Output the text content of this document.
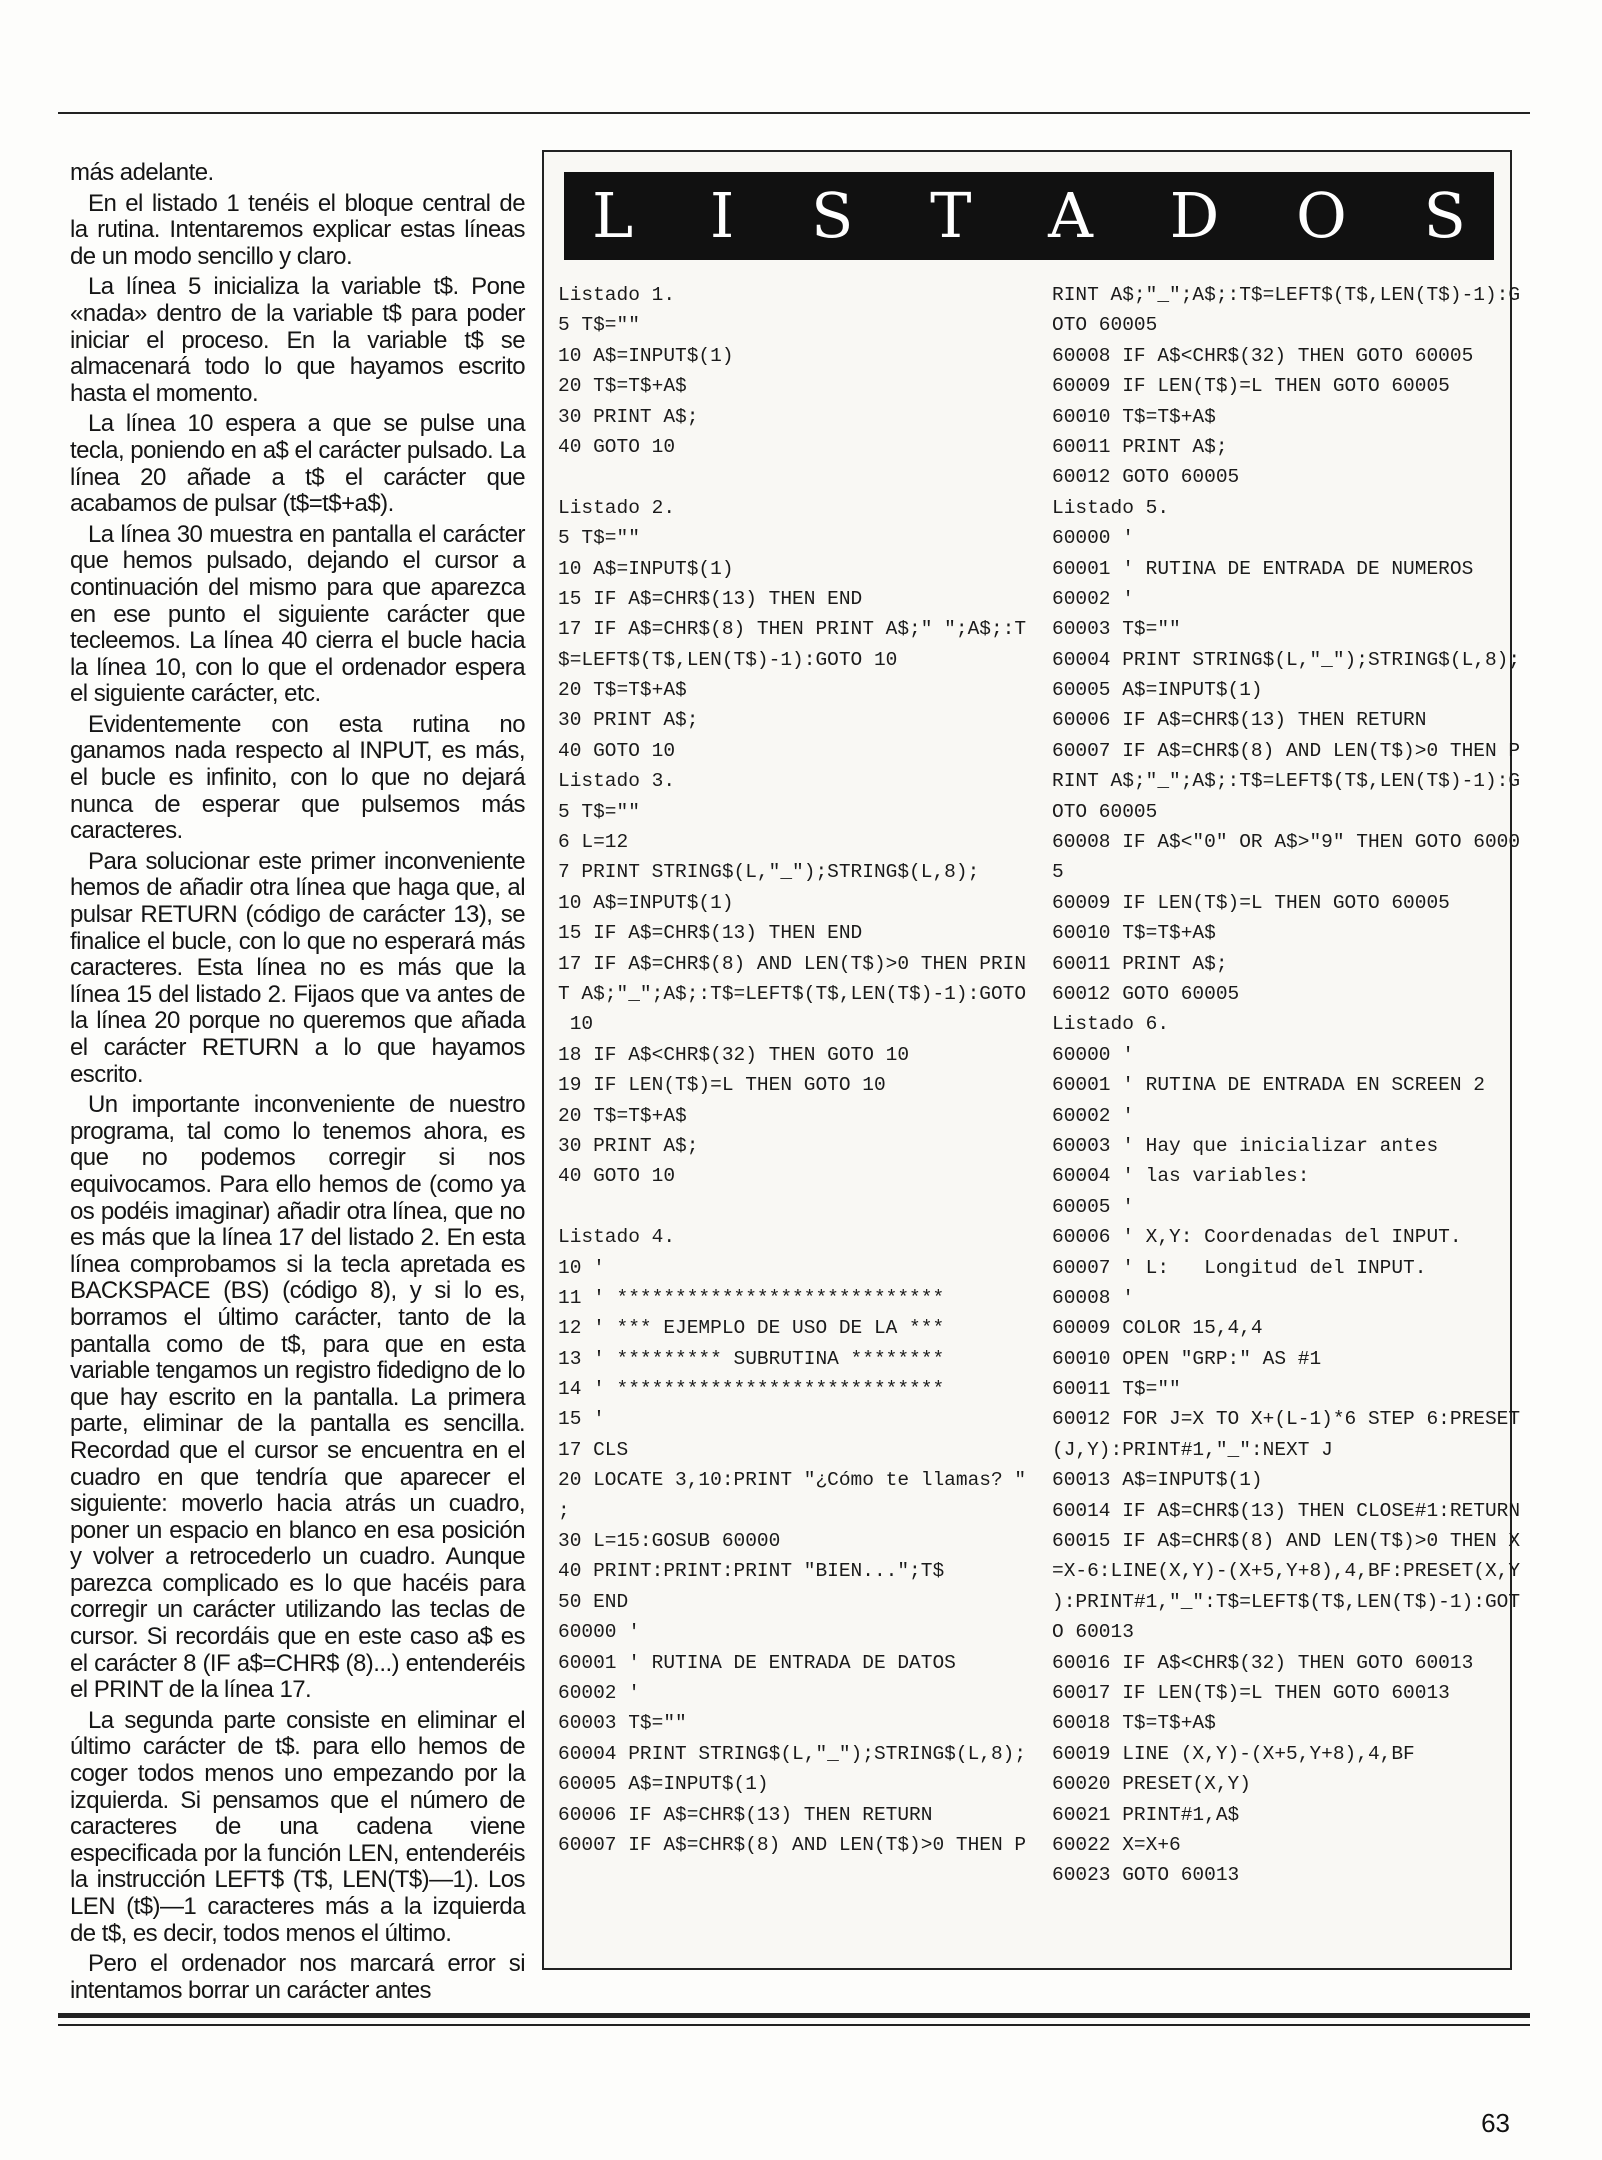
más adelante.

En el listado 1 tenéis el bloque central de la rutina. Intentaremos explicar estas líneas de un modo sencillo y claro.

La línea 5 inicializa la variable t$. Pone «nada» dentro de la variable t$ para poder iniciar el proceso. En la variable t$ se almacenará todo lo que hayamos escrito hasta el momento.

La línea 10 espera a que se pulse una tecla, poniendo en a$ el carácter pulsado. La línea 20 añade a t$ el carácter que acabamos de pulsar (t$=t$+a$).

La línea 30 muestra en pantalla el carácter que hemos pulsado, dejando el cursor a continuación del mismo para que aparezca en ese punto el siguiente carácter que tecleemos. La línea 40 cierra el bucle hacia la línea 10, con lo que el ordenador espera el siguiente carácter, etc.

Evidentemente con esta rutina no ganamos nada respecto al INPUT, es más, el bucle es infinito, con lo que no dejará nunca de esperar que pulsemos más caracteres.

Para solucionar este primer inconveniente hemos de añadir otra línea que haga que, al pulsar RETURN (código de carácter 13), se finalice el bucle, con lo que no esperará más caracteres. Esta línea no es más que la línea 15 del listado 2. Fijaos que va antes de la línea 20 porque no queremos que añada el carácter RETURN a lo que hayamos escrito.

Un importante inconveniente de nuestro programa, tal como lo tenemos ahora, es que no podemos corregir si nos equivocamos. Para ello hemos de (como ya os podéis imaginar) añadir otra línea, que no es más que la línea 17 del listado 2. En esta línea comprobamos si la tecla apretada es BACKSPACE (BS) (código 8), y si lo es, borramos el último carácter, tanto de la pantalla como de t$, para que en esta variable tengamos un registro fidedigno de lo que hay escrito en la pantalla. La primera parte, eliminar de la pantalla es sencilla. Recordad que el cursor se encuentra en el cuadro en que tendría que aparecer el siguiente: moverlo hacia atrás un cuadro, poner un espacio en blanco en esa posición y volver a retrocederlo un cuadro. Aunque parezca complicado es lo que hacéis para corregir un carácter utilizando las teclas de cursor. Si recordáis que en este caso a$ es el carácter 8 (IF a$=CHR$ (8)...) entenderéis el PRINT de la línea 17.

La segunda parte consiste en eliminar el último carácter de t$. para ello hemos de coger todos menos uno empezando por la izquierda. Si pensamos que el número de caracteres de una cadena viene especificada por la función LEN, entenderéis la instrucción LEFT$ (T$, LEN(T$)—1). Los LEN (t$)—1 caracteres más a la izquierda de t$, es decir, todos menos el último.

Pero el ordenador nos marcará error si intentamos borrar un carácter antes

L I S T A D O S
Listado 1.
5 T$=""
10 A$=INPUT$(1)
20 T$=T$+A$
30 PRINT A$;
40 GOTO 10
Listado 2.
5 T$=""
10 A$=INPUT$(1)
15 IF A$=CHR$(13) THEN END
17 IF A$=CHR$(8) THEN PRINT A$;" ";A$;:T
$=LEFT$(T$,LEN(T$)-1):GOTO 10
20 T$=T$+A$
30 PRINT A$;
40 GOTO 10
Listado 3.
5 T$=""
6 L=12
7 PRINT STRING$(L,"_");STRING$(L,8);
10 A$=INPUT$(1)
15 IF A$=CHR$(13) THEN END
17 IF A$=CHR$(8) AND LEN(T$)>0 THEN PRIN
T A$;"_";A$;:T$=LEFT$(T$,LEN(T$)-1):GOTO
10
18 IF A$<CHR$(32) THEN GOTO 10
19 IF LEN(T$)=L THEN GOTO 10
20 T$=T$+A$
30 PRINT A$;
40 GOTO 10
Listado 4.
10 '
11 ' ****************************
12 ' *** EJEMPLO DE USO DE LA ***
13 ' ********* SUBRUTINA ********
14 ' ****************************
15 '
17 CLS
20 LOCATE 3,10:PRINT "¿Cómo te llamas? "
;
30 L=15:GOSUB 60000
40 PRINT:PRINT:PRINT "BIEN...";T$
50 END
60000 '
60001 ' RUTINA DE ENTRADA DE DATOS
60002 '
60003 T$=""
60004 PRINT STRING$(L,"_");STRING$(L,8);
60005 A$=INPUT$(1)
60006 IF A$=CHR$(13) THEN RETURN
60007 IF A$=CHR$(8) AND LEN(T$)>0 THEN P
RINT A$;"_";A$;:T$=LEFT$(T$,LEN(T$)-1):G
OTO 60005
60008 IF A$<CHR$(32) THEN GOTO 60005
60009 IF LEN(T$)=L THEN GOTO 60005
60010 T$=T$+A$
60011 PRINT A$;
60012 GOTO 60005
Listado 5.
60000 '
60001 ' RUTINA DE ENTRADA DE NUMEROS
60002 '
60003 T$=""
60004 PRINT STRING$(L,"_");STRING$(L,8);
60005 A$=INPUT$(1)
60006 IF A$=CHR$(13) THEN RETURN
60007 IF A$=CHR$(8) AND LEN(T$)>0 THEN P
RINT A$;"_";A$;:T$=LEFT$(T$,LEN(T$)-1):G
OTO 60005
60008 IF A$<"0" OR A$>"9" THEN GOTO 6000
5
60009 IF LEN(T$)=L THEN GOTO 60005
60010 T$=T$+A$
60011 PRINT A$;
60012 GOTO 60005
Listado 6.
60000 '
60001 ' RUTINA DE ENTRADA EN SCREEN 2
60002 '
60003 ' Hay que inicializar antes
60004 ' las variables:
60005 '
60006 ' X,Y: Coordenadas del INPUT.
60007 ' L:   Longitud del INPUT.
60008 '
60009 COLOR 15,4,4
60010 OPEN "GRP:" AS #1
60011 T$=""
60012 FOR J=X TO X+(L-1)*6 STEP 6:PRESET
(J,Y):PRINT#1,"_":NEXT J
60013 A$=INPUT$(1)
60014 IF A$=CHR$(13) THEN CLOSE#1:RETURN
60015 IF A$=CHR$(8) AND LEN(T$)>0 THEN X
=X-6:LINE(X,Y)-(X+5,Y+8),4,BF:PRESET(X,Y
):PRINT#1,"_":T$=LEFT$(T$,LEN(T$)-1):GOT
O 60013
60016 IF A$<CHR$(32) THEN GOTO 60013
60017 IF LEN(T$)=L THEN GOTO 60013
60018 T$=T$+A$
60019 LINE (X,Y)-(X+5,Y+8),4,BF
60020 PRESET(X,Y)
60021 PRINT#1,A$
60022 X=X+6
60023 GOTO 60013
63
